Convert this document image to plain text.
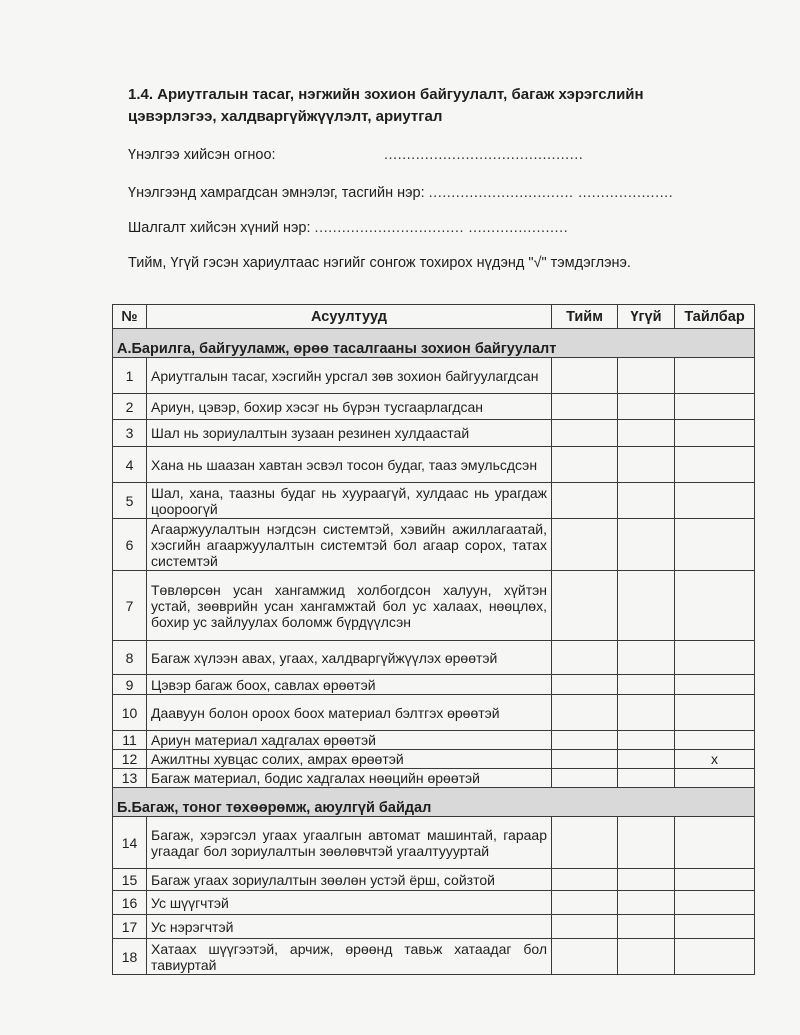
1.4. Ариутгалын тасаг, нэгжийн зохион байгуулалт, багаж хэрэгслийн цэвэрлэгээ, халдваргүйжүүлэлт, ариутгал
Үнэлгээ хийсэн огноо:	............................................
Үнэлгээнд хамрагдсан эмнэлэг, тасгийн нэр: ................................ .....................
Шалгалт хийсэн хүний нэр: ................................. ......................
Тийм, Үгүй гэсэн хариултаас нэгийг сонгож тохирох нүдэнд "√" тэмдэглэнэ.
№	Асуултууд	Тийм	Үгүй	Тайлбар
А.Барилга, байгууламж, өрөө тасалгааны зохион байгуулалт				
1	Ариутгалын тасаг, хэсгийн урсгал зөв зохион байгуулагдсан			
2	Ариун, цэвэр, бохир хэсэг нь бүрэн тусгаарлагдсан			
3	Шал нь зориулалтын зузаан резинен хулдаастай			
4	Хана нь шаазан хавтан эсвэл тосон будаг, тааз эмульсдсэн			
5	Шал, хана, таазны будаг нь хуураагүй, хулдаас нь урагдаж цоороогүй			
6	Агааржуулалтын нэгдсэн системтэй, хэвийн ажиллагаатай, хэсгийн агааржуулалтын системтэй бол агаар сорох, татах системтэй			
7	Төвлөрсөн усан хангамжид холбогдсон халуун, хүйтэн устай, зөөврийн усан хангамжтай бол ус халаах, нөөцлөх, бохир ус зайлуулах боломж бүрдүүлсэн			
8	Багаж хүлээн авах, угаах, халдваргүйжүүлэх өрөөтэй			
9	Цэвэр багаж боох, савлах өрөөтэй			
10	Даавуун болон ороох боох материал бэлтгэх өрөөтэй			
11	Ариун материал хадгалах өрөөтэй			
12	Ажилтны хувцас солих, амрах өрөөтэй			x
13	Багаж материал, бодис хадгалах нөөцийн өрөөтэй			
Б.Багаж, тоног төхөөрөмж, аюулгүй байдал				
14	Багаж, хэрэгсэл угаах угаалгын автомат машинтай, гараар угаадаг бол зориулалтын зөөлөвчтэй угаалтуууртай			
15	Багаж угаах зориулалтын зөөлөн устэй ёрш, сойзтой			
16	Ус шүүгчтэй			
17	Ус нэрэгчтэй			
18	Хатаах шүүгээтэй, арчиж, өрөөнд тавьж хатаадаг бол тавиуртай			
